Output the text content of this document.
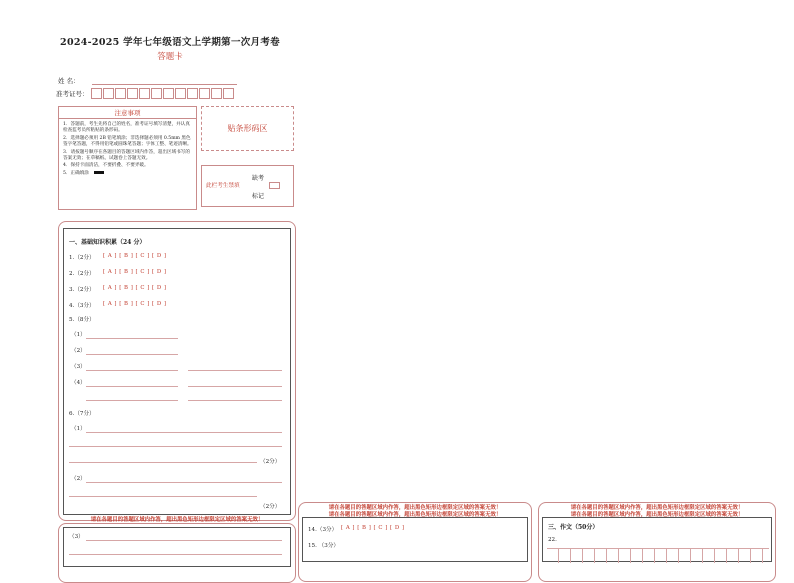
2024-2025 学年七年级语文上学期第一次月考卷
答题卡
姓 名：
准考证号：
注意事项
1．答题前，考生先将自己的姓名，准考证号填写清楚，并认真检查监考员所粘贴的条形码。
2．选择题必须用 2B 铅笔填涂；非选择题必须用 0.5mm 黑色签字笔答题，不得用铅笔或圆珠笔答题；字体工整、笔迹清晰。
3．请按题号顺序在各题目的答题区域内作答，超出区域书写的答案无效；在草稿纸、试题卷上答题无效。
4．保持卡面清洁，不要折叠、不要弄破。
5．正确填涂
贴条形码区
此栏考生禁填
缺考
标记
一、基础知识积累（24 分）
1.（2分） [ A ] [ B ] [ C ] [ D ]
2.（2分） [ A ] [ B ] [ C ] [ D ]
3.（2分） [ A ] [ B ] [ C ] [ D ]
4.（3分） [ A ] [ B ] [ C ] [ D ]
5.（8分）
（1）
（2）
（3）
（4）
6.（7分）
（1）
（2分）
（2）
（2分）
请在各题目的答题区域内作答，超出黑色矩形边框限定区域的答案无效！
（3）
请在各题目的答题区域内作答，超出黑色矩形边框限定区域的答案无效！
请在各题目的答题区域内作答，超出黑色矩形边框限定区域的答案无效！
14.（3分） [ A ] [ B ] [ C ] [ D ]
15. （3分）
请在各题目的答题区域内作答，超出黑色矩形边框限定区域的答案无效！
请在各题目的答题区域内作答，超出黑色矩形边框限定区域的答案无效！
三、作文（50分）
22.
